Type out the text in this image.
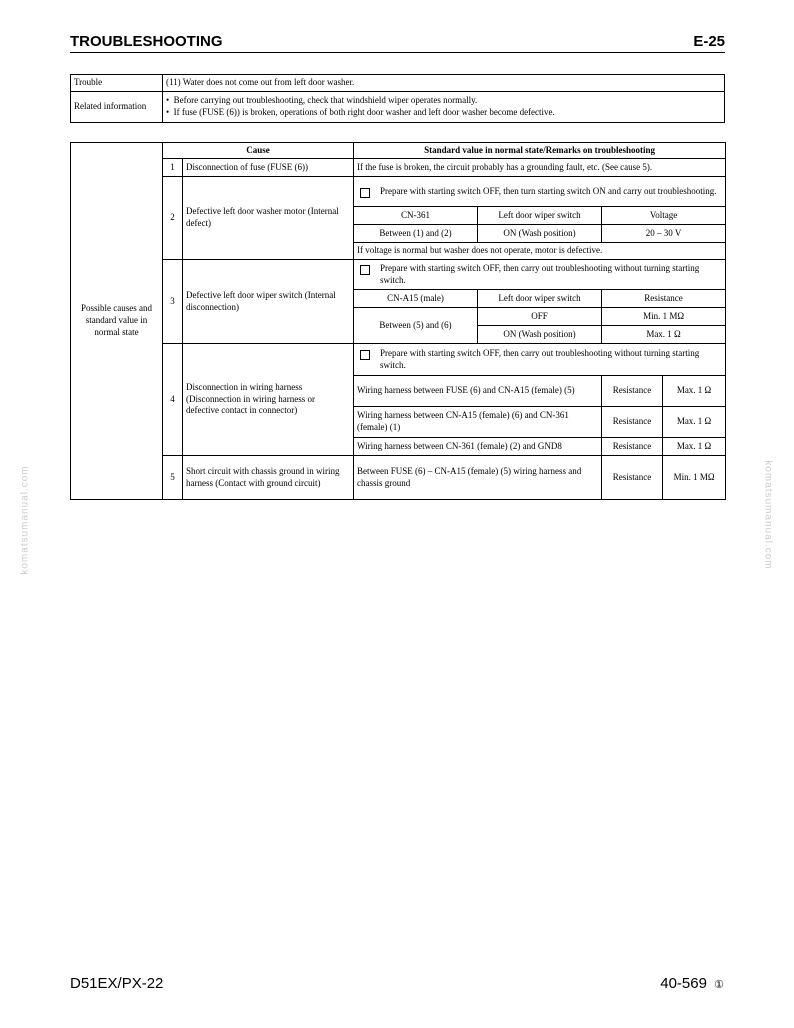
TROUBLESHOOTING	E-25
Trouble	(11) Water does not come out from left door washer.
Related information	•  Before carrying out troubleshooting, check that windshield wiper operates normally.
•  If fuse (FUSE (6)) is broken, operations of both right door washer and left door washer become defective.
Possible causes and standard value in normal state	Cause		Standard value in normal state/Remarks on troubleshooting			
	1	Disconnection of fuse (FUSE (6))	If the fuse is broken, the circuit probably has a grounding fault, etc. (See cause 5).			
	2	Defective left door washer motor (Internal defect)	Prepare with starting switch OFF, then turn starting switch ON and carry out troubleshooting.			

			CN-361	Left door wiper switch	Voltage	
			Between (1) and (2)	ON (Wash position)	20 – 30 V	
			If voltage is normal but washer does not operate, motor is defective.			
	3	Defective left door wiper switch (Internal disconnection)	Prepare with starting switch OFF, then carry out troubleshooting without turning starting switch.			

			CN-A15 (male)	Left door wiper switch	Resistance	
			Between (5) and (6)	OFF	Min. 1 MΩ	
				ON (Wash position)	Max. 1 Ω	
	4	Disconnection in wiring harness (Disconnection in wiring harness or defective contact in connector)	Prepare with starting switch OFF, then carry out troubleshooting without turning starting switch.			

			Wiring harness between FUSE (6) and CN-A15 (female) (5)		Resistance	Max. 1 Ω
			Wiring harness between CN-A15 (female) (6) and CN-361 (female) (1)		Resistance	Max. 1 Ω
			Wiring harness between CN-361 (female) (2) and GND8		Resistance	Max. 1 Ω
	5	Short circuit with chassis ground in wiring harness (Contact with ground circuit)	Between FUSE (6) – CN-A15 (female) (5) wiring harness and chassis ground		Resistance	Min. 1 MΩ
komatsumanual.com	komatsumanual.com
D51EX/PX-22	40-569 ①
